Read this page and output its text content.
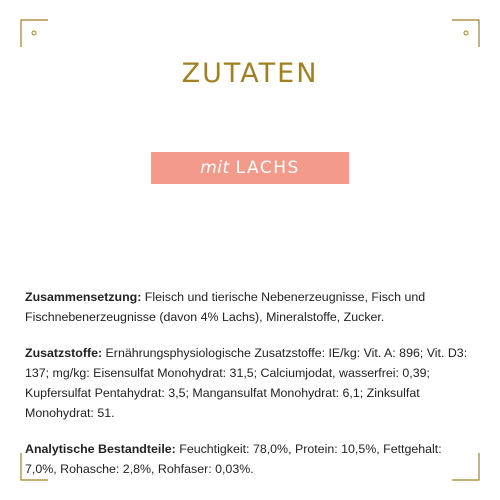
ZUTATEN
mit LACHS

Zusammensetzung: Fleisch und tierische Nebenerzeugnisse, Fisch und Fischnebenerzeugnisse (davon 4% Lachs), Mineralstoffe, Zucker.

Zusatzstoffe: Ernährungsphysiologische Zusatzstoffe: IE/kg: Vit. A: 896; Vit. D3: 137; mg/kg: Eisensulfat Monohydrat: 31,5; Calciumjodat, wasserfrei: 0,39; Kupfersulfat Pentahydrat: 3,5; Mangansulfat Monohydrat: 6,1; Zinksulfat Monohydrat: 51.

Analytische Bestandteile: Feuchtigkeit: 78,0%, Protein: 10,5%, Fettgehalt: 7,0%, Rohasche: 2,8%, Rohfaser: 0,03%.
